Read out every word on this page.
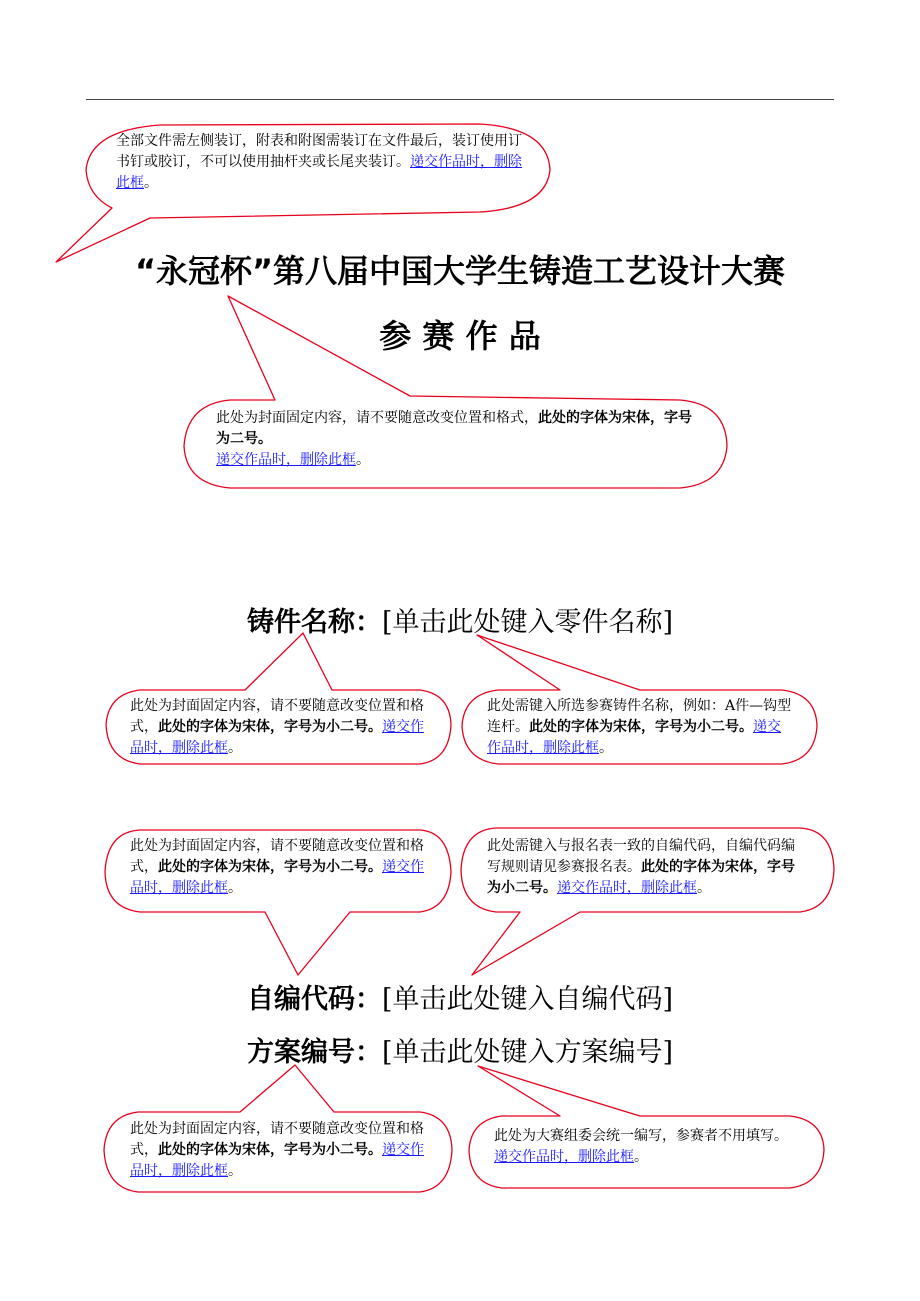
全部文件需左侧装订，附表和附图需装订在文件最后，装订使用订书钉或胶订，不可以使用抽杆夹或长尾夹装订。递交作品时，删除此框。
“永冠杯”第八届中国大学生铸造工艺设计大赛
参 赛 作 品
此处为封面固定内容，请不要随意改变位置和格式，此处的字体为宋体，字号为二号。
递交作品时，删除此框。
铸件名称：[单击此处键入零件名称]
此处为封面固定内容，请不要随意改变位置和格式，此处的字体为宋体，字号为小二号。递交作品时，删除此框。
此处需键入所选参赛铸件名称，例如：A件—钩型连杆。此处的字体为宋体，字号为小二号。递交作品时，删除此框。
此处为封面固定内容，请不要随意改变位置和格式，此处的字体为宋体，字号为小二号。递交作品时，删除此框。
此处需键入与报名表一致的自编代码，自编代码编写规则请见参赛报名表。此处的字体为宋体，字号为小二号。递交作品时，删除此框。
自编代码：[单击此处键入自编代码]
方案编号：[单击此处键入方案编号]
此处为封面固定内容，请不要随意改变位置和格式，此处的字体为宋体，字号为小二号。递交作品时，删除此框。
此处为大赛组委会统一编写，参赛者不用填写。递交作品时，删除此框。
